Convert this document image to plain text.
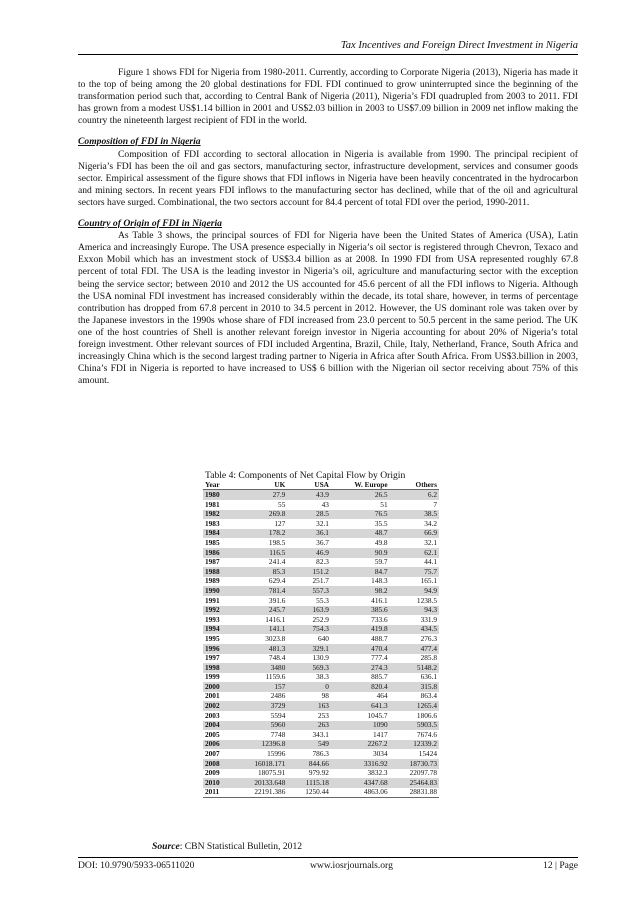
Tax Incentives and Foreign Direct Investment in Nigeria

Figure 1 shows FDI for Nigeria from 1980-2011. Currently, according to Corporate Nigeria (2013), Nigeria has made it to the top of being among the 20 global destinations for FDI. FDI continued to grow uninterrupted since the beginning of the transformation period such that, according to Central Bank of Nigeria (2011), Nigeria’s FDI quadrupled from 2003 to 2011. FDI has grown from a modest US$1.14 billion in 2001 and US$2.03 billion in 2003 to US$7.09 billion in 2009 net inflow making the country the nineteenth largest recipient of FDI in the world.

Composition of FDI in Nigeria

Composition of FDI according to sectoral allocation in Nigeria is available from 1990. The principal recipient of Nigeria’s FDI has been the oil and gas sectors, manufacturing sector, infrastructure development, services and consumer goods sector. Empirical assessment of the figure shows that FDI inflows in Nigeria have been heavily concentrated in the hydrocarbon and mining sectors. In recent years FDI inflows to the manufacturing sector has declined, while that of the oil and agricultural sectors have surged. Combinational, the two sectors account for 84.4 percent of total FDI over the period, 1990-2011.

Country of Origin of FDI in Nigeria

As Table 3 shows, the principal sources of FDI for Nigeria have been the United States of America (USA), Latin America and increasingly Europe. The USA presence especially in Nigeria’s oil sector is registered through Chevron, Texaco and Exxon Mobil which has an investment stock of US$3.4 billion as at 2008. In 1990 FDI from USA represented roughly 67.8 percent of total FDI. The USA is the leading investor in Nigeria’s oil, agriculture and manufacturing sector with the exception being the service sector; between 2010 and 2012 the US accounted for 45.6 percent of all the FDI inflows to Nigeria. Although the USA nominal FDI investment has increased considerably within the decade, its total share, however, in terms of percentage contribution has dropped from 67.8 percent in 2010 to 34.5 percent in 2012. However, the US dominant role was taken over by the Japanese investors in the 1990s whose share of FDI increased from 23.0 percent to 50.5 percent in the same period. The UK one of the host countries of Shell is another relevant foreign investor in Nigeria accounting for about 20% of Nigeria’s total foreign investment. Other relevant sources of FDI included Argentina, Brazil, Chile, Italy, Netherland, France, South Africa and increasingly China which is the second largest trading partner to Nigeria in Africa after South Africa. From US$3.billion in 2003, China’s FDI in Nigeria is reported to have increased to US$ 6 billion with the Nigerian oil sector receiving about 75% of this amount.

Table 4: Components of Net Capital Flow by Origin
Year	UK	USA	W. Europe	Others
1980	27.9	43.9	26.5	6.2
1981	55	43	51	7
1982	269.8	28.5	76.5	38.5
1983	127	32.1	35.5	34.2
1984	178.2	36.1	48.7	66.9
1985	198.5	36.7	49.8	32.1
1986	116.5	46.9	90.9	62.1
1987	241.4	82.3	59.7	44.1
1988	85.3	151.2	84.7	75.7
1989	629.4	251.7	148.3	165.1
1990	781.4	557.3	98.2	94.9
1991	391.6	55.3	416.1	1238.5
1992	245.7	163.9	385.6	94.3
1993	1416.1	252.9	733.6	331.9
1994	141.1	754.3	419.8	434.5
1995	3023.8	640	488.7	276.3
1996	481.3	329.1	470.4	477.4
1997	748.4	130.9	777.4	285.8
1998	3480	569.3	274.3	5148.2
1999	1159.6	38.3	885.7	636.1
2000	157	0	820.4	315.8
2001	2486	98	464	863.4
2002	3729	163	641.3	1265.4
2003	5594	253	1045.7	1806.6
2004	5960	263	1090	5903.5
2005	7748	343.1	1417	7674.6
2006	12396.8	549	2267.2	12339.2
2007	15996	786.3	3034	15424
2008	16018.171	844.66	3316.92	18730.73
2009	18075.91	979.92	3832.3	22097.78
2010	20133.648	1115.18	4347.68	25464.83
2011	22191.386	1250.44	4863.06	28831.88
Source: CBN Statistical Bulletin, 2012
DOI: 10.9790/5933-06511020	www.iosrjournals.org	12 | Page
